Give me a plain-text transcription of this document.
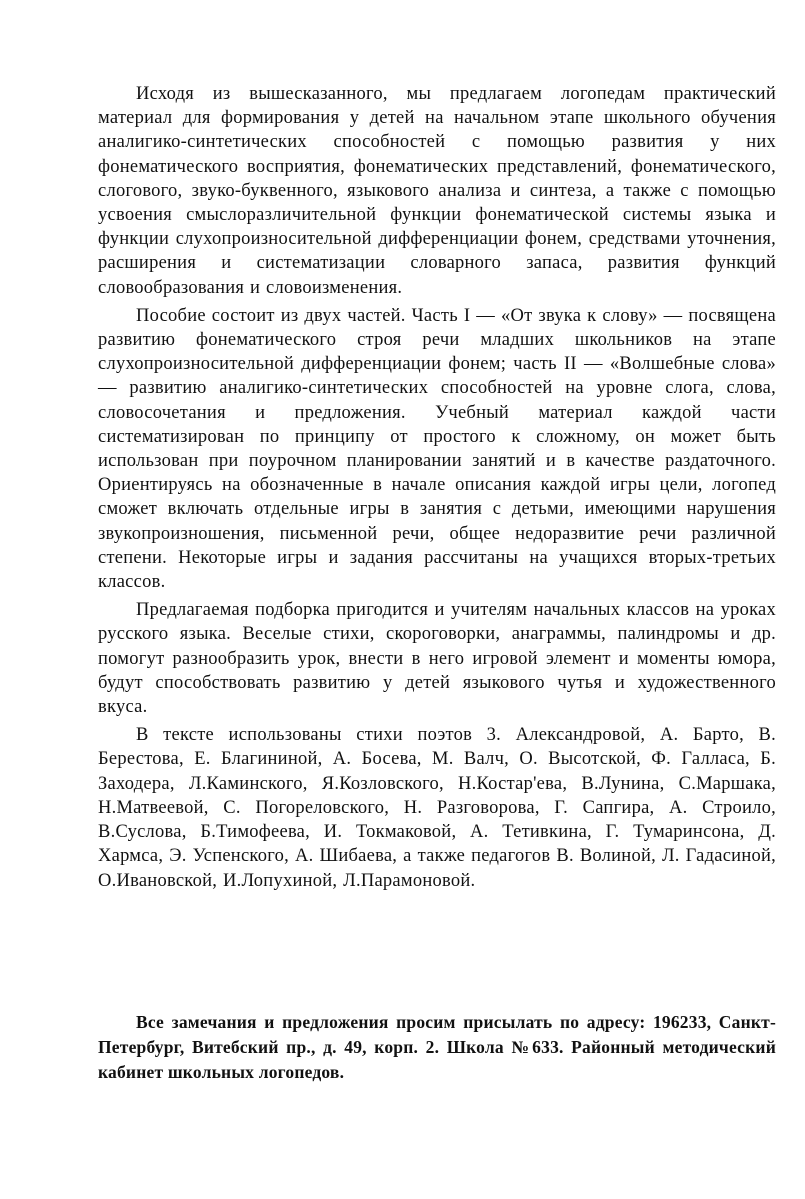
Исходя из вышесказанного, мы предлагаем логопедам практический материал для формирования у детей на начальном этапе школьного обучения аналигико-синтетических способностей с помощью развития у них фонематического восприятия, фонематических представлений, фонематического, слогового, звуко-буквенного, языкового анализа и синтеза, а также с помощью усвоения смыслоразличительной функции фонематической системы языка и функции слухопроизносительной дифференциации фонем, средствами уточнения, расширения и систематизации словарного запаса, развития функций словообразования и словоизменения.

Пособие состоит из двух частей. Часть I — «От звука к слову» — посвящена развитию фонематического строя речи младших школьников на этапе слухопроизносительной дифференциации фонем; часть II — «Волшебные слова» — развитию аналигико-синтетических способностей на уровне слога, слова, словосочетания и предложения. Учебный материал каждой части систематизирован по принципу от простого к сложному, он может быть использован при поурочном планировании занятий и в качестве раздаточного. Ориентируясь на обозначенные в начале описания каждой игры цели, логопед сможет включать отдельные игры в занятия с детьми, имеющими нарушения звукопроизношения, письменной речи, общее недоразвитие речи различной степени. Некоторые игры и задания рассчитаны на учащихся вторых-третьих классов.

Предлагаемая подборка пригодится и учителям начальных классов на уроках русского языка. Веселые стихи, скороговорки, анаграммы, палиндромы и др. помогут разнообразить урок, внести в него игровой элемент и моменты юмора, будут способствовать развитию у детей языкового чутья и художественного вкуса.

В тексте использованы стихи поэтов 3. Александровой, А. Барто, В. Берестова, Е. Благининой, А. Босева, М. Валч, О. Высотской, Ф. Галласа, Б. Заходера, Л.Каминского, Я.Козловского, Н.Костар'ева, В.Лунина, С.Маршака, Н.Матвеевой, С. Погореловского, Н. Разговорова, Г. Сапгира, А. Строило, В.Суслова, Б.Тимофеева, И. Токмаковой, А. Тетивкина, Г. Тумаринсона, Д. Хармса, Э. Успенского, А. Шибаева, а также педагогов В. Волиной, Л. Гадасиной, О.Ивановской, И.Лопухиной, Л.Парамоновой.

Все замечания и предложения просим присылать по адресу: 196233, Санкт-Петербург, Витебский пр., д. 49, корп. 2. Школа №633. Районный методический кабинет школьных логопедов.
